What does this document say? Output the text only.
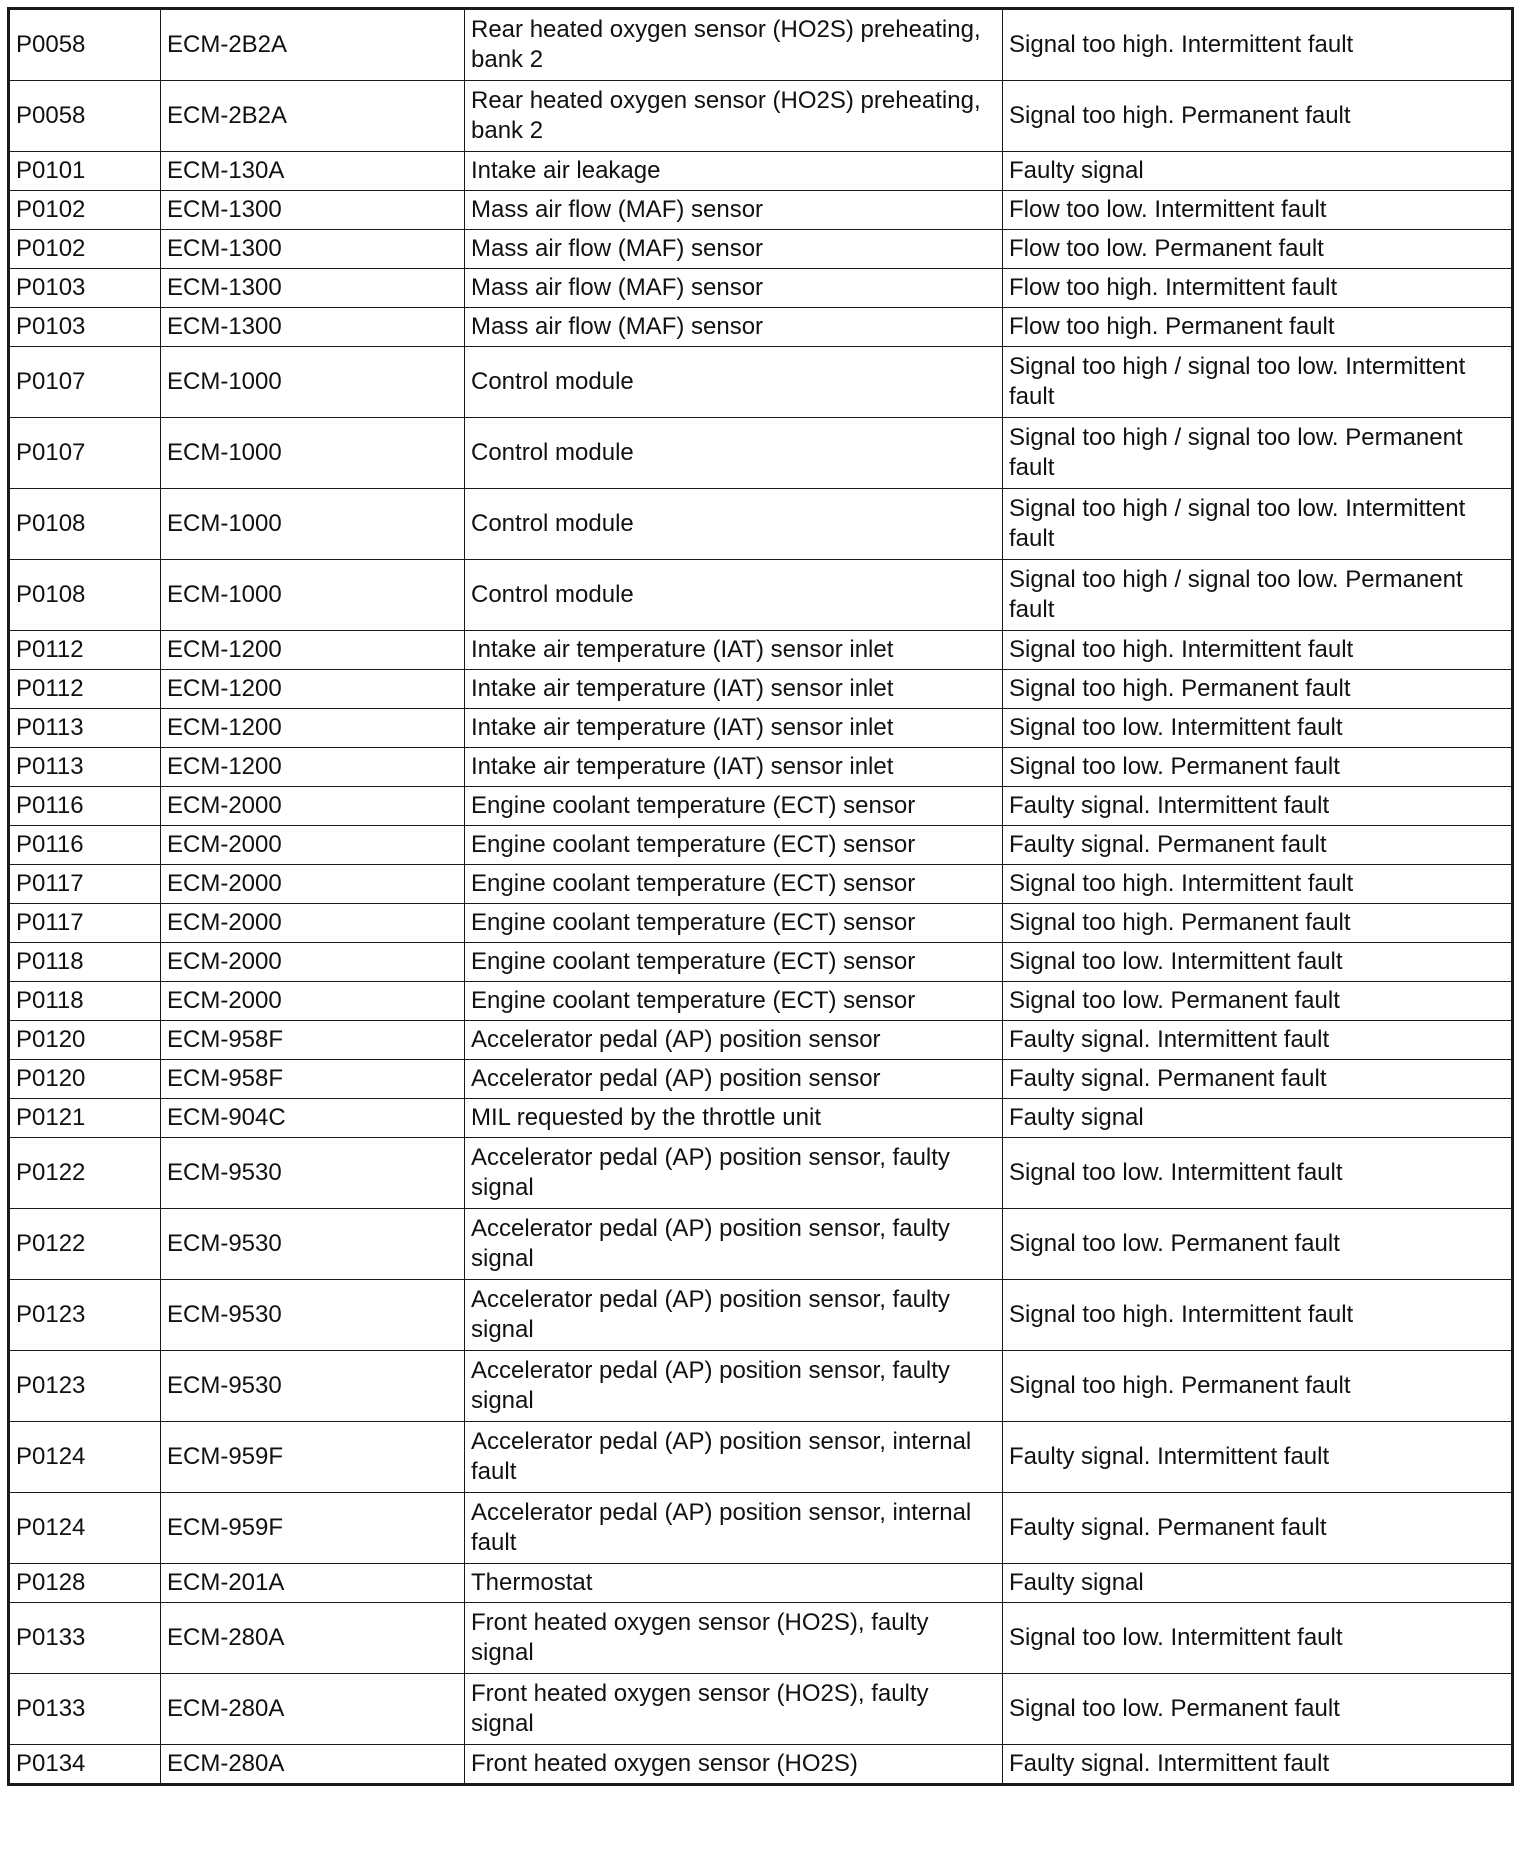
P0058	ECM-2B2A	Rear heated oxygen sensor (HO2S) preheating, bank 2	Signal too high. Intermittent fault
P0058	ECM-2B2A	Rear heated oxygen sensor (HO2S) preheating, bank 2	Signal too high. Permanent fault
P0101	ECM-130A	Intake air leakage	Faulty signal
P0102	ECM-1300	Mass air flow (MAF) sensor	Flow too low. Intermittent fault
P0102	ECM-1300	Mass air flow (MAF) sensor	Flow too low. Permanent fault
P0103	ECM-1300	Mass air flow (MAF) sensor	Flow too high. Intermittent fault
P0103	ECM-1300	Mass air flow (MAF) sensor	Flow too high. Permanent fault
P0107	ECM-1000	Control module	Signal too high / signal too low. Intermittent fault
P0107	ECM-1000	Control module	Signal too high / signal too low. Permanent fault
P0108	ECM-1000	Control module	Signal too high / signal too low. Intermittent fault
P0108	ECM-1000	Control module	Signal too high / signal too low. Permanent fault
P0112	ECM-1200	Intake air temperature (IAT) sensor inlet	Signal too high. Intermittent fault
P0112	ECM-1200	Intake air temperature (IAT) sensor inlet	Signal too high. Permanent fault
P0113	ECM-1200	Intake air temperature (IAT) sensor inlet	Signal too low. Intermittent fault
P0113	ECM-1200	Intake air temperature (IAT) sensor inlet	Signal too low. Permanent fault
P0116	ECM-2000	Engine coolant temperature (ECT) sensor	Faulty signal. Intermittent fault
P0116	ECM-2000	Engine coolant temperature (ECT) sensor	Faulty signal. Permanent fault
P0117	ECM-2000	Engine coolant temperature (ECT) sensor	Signal too high. Intermittent fault
P0117	ECM-2000	Engine coolant temperature (ECT) sensor	Signal too high. Permanent fault
P0118	ECM-2000	Engine coolant temperature (ECT) sensor	Signal too low. Intermittent fault
P0118	ECM-2000	Engine coolant temperature (ECT) sensor	Signal too low. Permanent fault
P0120	ECM-958F	Accelerator pedal (AP) position sensor	Faulty signal. Intermittent fault
P0120	ECM-958F	Accelerator pedal (AP) position sensor	Faulty signal. Permanent fault
P0121	ECM-904C	MIL requested by the throttle unit	Faulty signal
P0122	ECM-9530	Accelerator pedal (AP) position sensor, faulty signal	Signal too low. Intermittent fault
P0122	ECM-9530	Accelerator pedal (AP) position sensor, faulty signal	Signal too low. Permanent fault
P0123	ECM-9530	Accelerator pedal (AP) position sensor, faulty signal	Signal too high. Intermittent fault
P0123	ECM-9530	Accelerator pedal (AP) position sensor, faulty signal	Signal too high. Permanent fault
P0124	ECM-959F	Accelerator pedal (AP) position sensor, internal fault	Faulty signal. Intermittent fault
P0124	ECM-959F	Accelerator pedal (AP) position sensor, internal fault	Faulty signal. Permanent fault
P0128	ECM-201A	Thermostat	Faulty signal
P0133	ECM-280A	Front heated oxygen sensor (HO2S), faulty signal	Signal too low. Intermittent fault
P0133	ECM-280A	Front heated oxygen sensor (HO2S), faulty signal	Signal too low. Permanent fault
P0134	ECM-280A	Front heated oxygen sensor (HO2S)	Faulty signal. Intermittent fault
